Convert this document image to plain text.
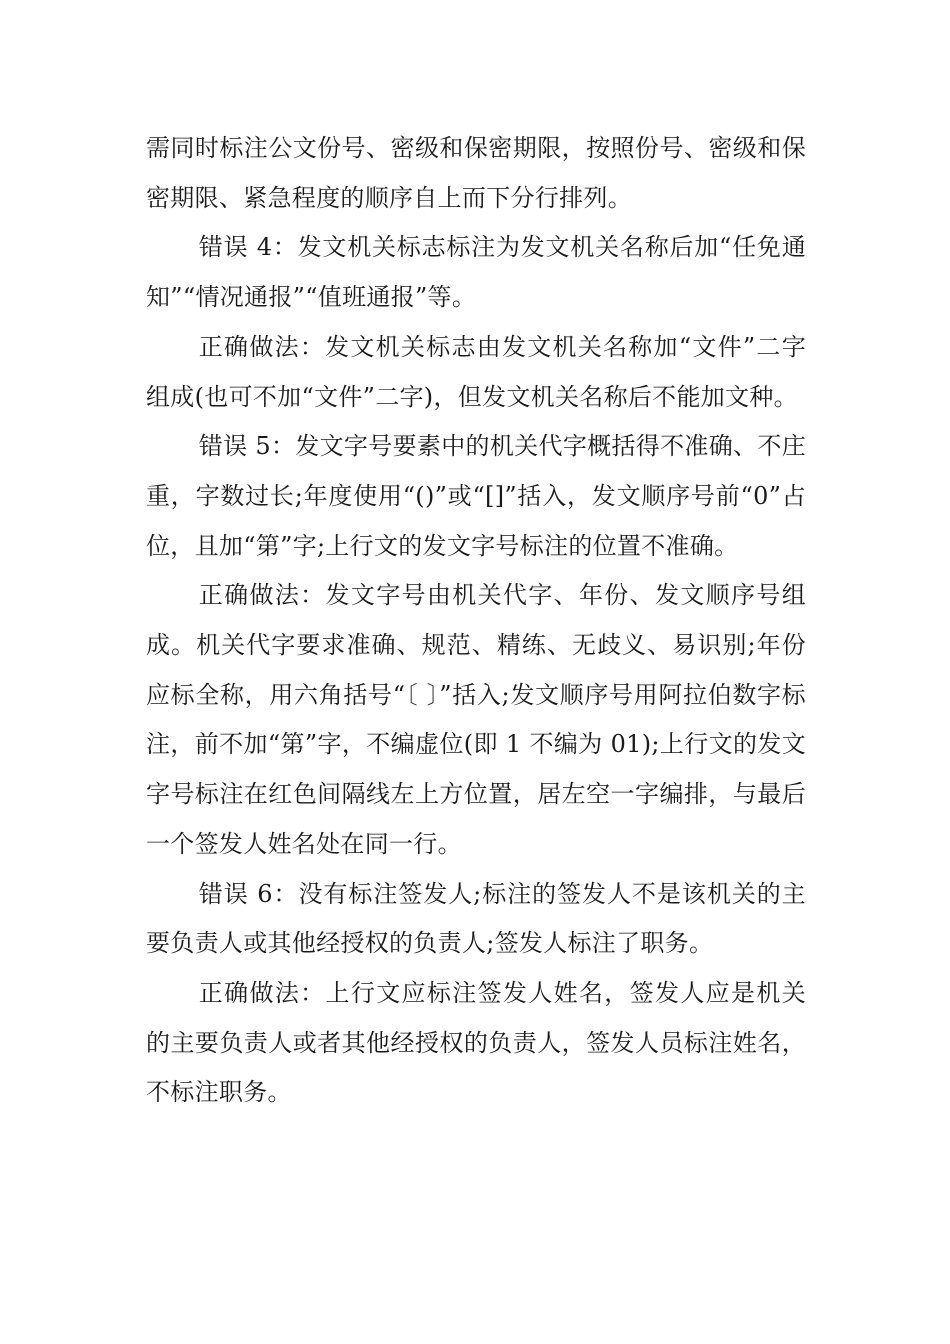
需同时标注公文份号、密级和保密期限，按照份号、密级和保密期限、紧急程度的顺序自上而下分行排列。

错误 4：发文机关标志标注为发文机关名称后加“任免通知”“情况通报”“值班通报”等。

正确做法：发文机关标志由发文机关名称加“文件”二字组成(也可不加“文件”二字)，但发文机关名称后不能加文种。

错误 5：发文字号要素中的机关代字概括得不准确、不庄重，字数过长;年度使用“()”或“[]”括入，发文顺序号前“0”占位，且加“第”字;上行文的发文字号标注的位置不准确。

正确做法：发文字号由机关代字、年份、发文顺序号组成。机关代字要求准确、规范、精练、无歧义、易识别;年份应标全称，用六角括号“〔 〕”括入;发文顺序号用阿拉伯数字标注，前不加“第”字，不编虚位(即 1 不编为 01);上行文的发文字号标注在红色间隔线左上方位置，居左空一字编排，与最后一个签发人姓名处在同一行。

错误 6：没有标注签发人;标注的签发人不是该机关的主要负责人或其他经授权的负责人;签发人标注了职务。

正确做法：上行文应标注签发人姓名，签发人应是机关的主要负责人或者其他经授权的负责人，签发人员标注姓名，不标注职务。
